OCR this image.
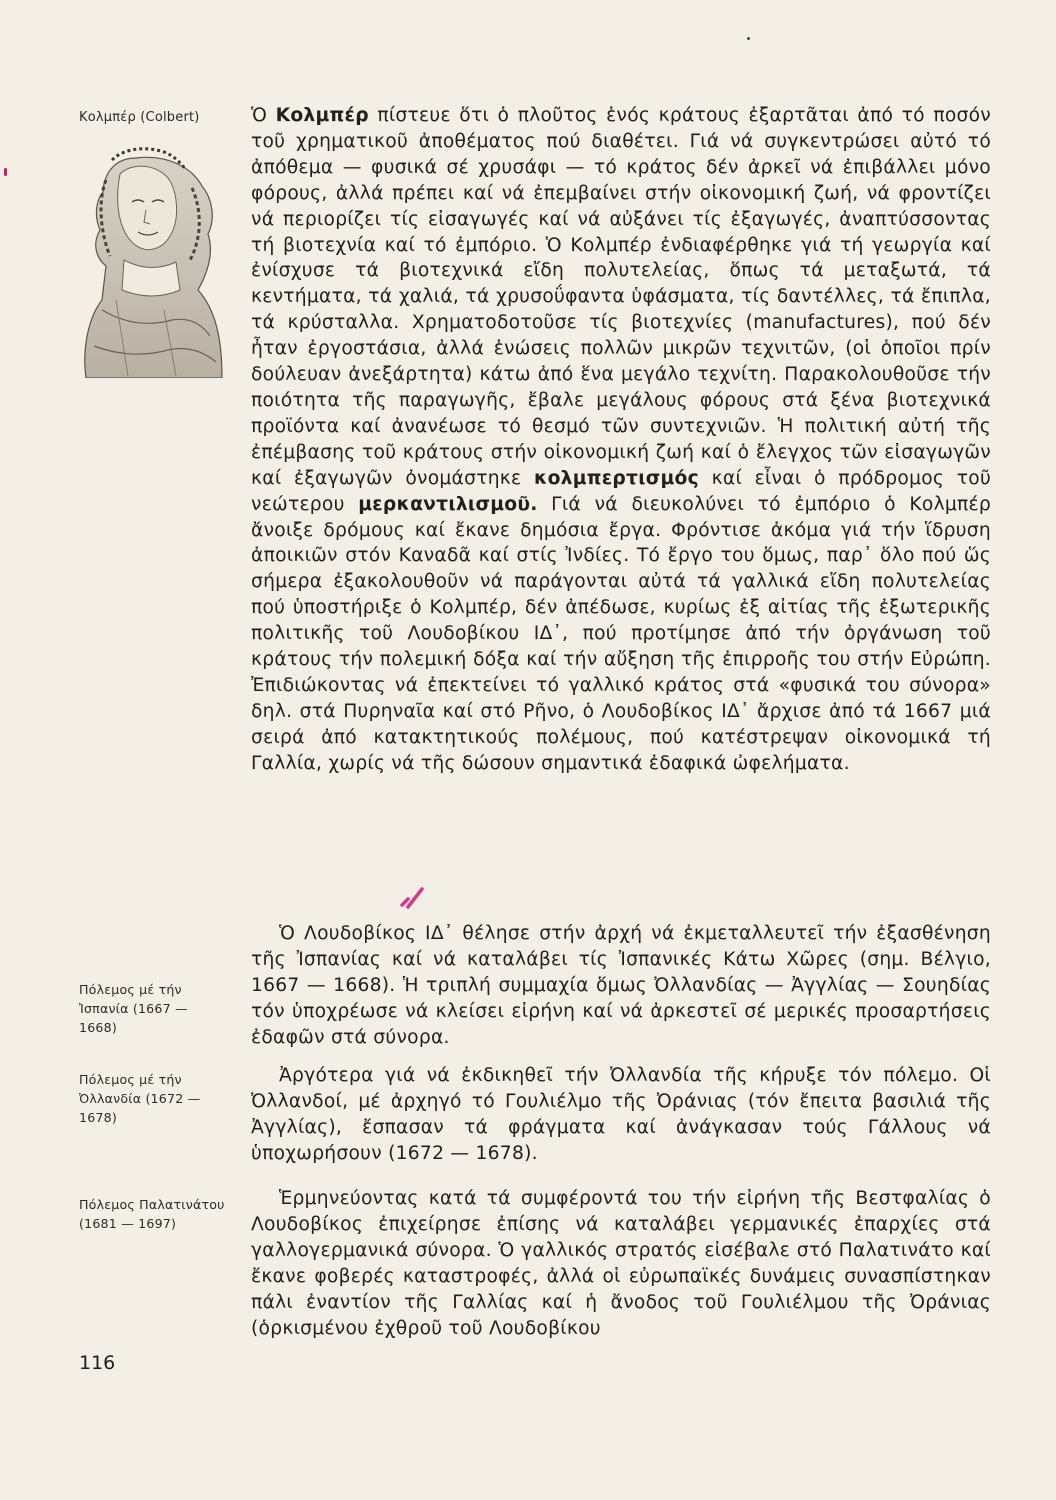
Κολμπέρ (Colbert)
Πόλεμος μέ τήν Ἰσπανία (1667 — 1668)
Πόλεμος μέ τήν Ὀλλανδία (1672 — 1678)
Πόλεμος Παλατινάτου (1681 — 1697)
116

Ὁ Κολμπέρ πίστευε ὅτι ὁ πλοῦτος ἑνός κράτους ἐξαρτᾶται ἀπό τό ποσόν τοῦ χρηματικοῦ ἀποθέματος πού διαθέτει. Γιά νά συγκεντρώσει αὐτό τό ἀπόθεμα — φυσικά σέ χρυσάφι — τό κράτος δέν ἀρκεῖ νά ἐπιβάλλει μόνο φόρους, ἀλλά πρέπει καί νά ἐπεμβαίνει στήν οἰκονομική ζωή, νά φροντίζει νά περιορίζει τίς εἰσαγωγές καί νά αὐξάνει τίς ἐξαγωγές, ἀναπτύσσοντας τή βιοτεχνία καί τό ἐμπόριο. Ὁ Κολμπέρ ἐνδιαφέρθηκε γιά τή γεωργία καί ἐνίσχυσε τά βιοτεχνικά εἴδη πολυτελείας, ὅπως τά μεταξωτά, τά κεντήματα, τά χαλιά, τά χρυσοΰφαντα ὑφάσματα, τίς δαντέλλες, τά ἔπιπλα, τά κρύσταλλα. Χρηματοδοτοῦσε τίς βιοτεχνίες (manufactures), πού δέν ἦταν ἐργοστάσια, ἀλλά ἑνώσεις πολλῶν μικρῶν τεχνιτῶν, (οἱ ὁποῖοι πρίν δούλευαν ἀνεξάρτητα) κάτω ἀπό ἕνα μεγάλο τεχνίτη. Παρακολουθοῦσε τήν ποιότητα τῆς παραγωγῆς, ἔβαλε μεγάλους φόρους στά ξένα βιοτεχνικά προϊόντα καί ἀνανέωσε τό θεσμό τῶν συντεχνιῶν. Ἡ πολιτική αὐτή τῆς ἐπέμβασης τοῦ κράτους στήν οἰκονομική ζωή καί ὁ ἔλεγχος τῶν εἰσαγωγῶν καί ἐξαγωγῶν ὀνομάστηκε κολμπερτισμός καί εἶναι ὁ πρόδρομος τοῦ νεώτερου μερκαντιλισμοῦ. Γιά νά διευκολύνει τό ἐμπόριο ὁ Κολμπέρ ἄνοιξε δρόμους καί ἔκανε δημόσια ἔργα. Φρόντισε ἀκόμα γιά τήν ἵδρυση ἀποικιῶν στόν Καναδᾶ καί στίς Ἰνδίες. Τό ἔργο του ὅμως, παρ᾽ ὅλο πού ὥς σήμερα ἐξακολουθοῦν νά παράγονται αὐτά τά γαλλικά εἴδη πολυτελείας πού ὑποστήριξε ὁ Κολμπέρ, δέν ἀπέδωσε, κυρίως ἐξ αἰτίας τῆς ἐξωτερικῆς πολιτικῆς τοῦ Λουδοβίκου ΙΔ᾽, πού προτίμησε ἀπό τήν ὀργάνωση τοῦ κράτους τήν πολεμική δόξα καί τήν αὔξηση τῆς ἐπιρροῆς του στήν Εὐρώπη. Ἐπιδιώκοντας νά ἐπεκτείνει τό γαλλικό κράτος στά «φυσικά του σύνορα» δηλ. στά Πυρηναῖα καί στό Ρῆνο, ὁ Λουδοβίκος ΙΔ᾽ ἄρχισε ἀπό τά 1667 μιά σειρά ἀπό κατακτητικούς πολέμους, πού κατέστρεψαν οἰκονομικά τή Γαλλία, χωρίς νά τῆς δώσουν σημαντικά ἐδαφικά ὠφελήματα.

Ὁ Λουδοβίκος ΙΔ᾽ θέλησε στήν ἀρχή νά ἐκμεταλλευτεῖ τήν ἐξασθένηση τῆς Ἰσπανίας καί νά καταλάβει τίς Ἰσπανικές Κάτω Χῶρες (σημ. Βέλγιο, 1667 — 1668). Ἡ τριπλή συμμαχία ὅμως Ὀλλανδίας — Ἀγγλίας — Σουηδίας τόν ὑποχρέωσε νά κλείσει εἰρήνη καί νά ἀρκεστεῖ σέ μερικές προσαρτήσεις ἐδαφῶν στά σύνορα.

Ἀργότερα γιά νά ἐκδικηθεῖ τήν Ὀλλανδία τῆς κήρυξε τόν πόλεμο. Οἱ Ὀλλανδοί, μέ ἀρχηγό τό Γουλιέλμο τῆς Ὀράνιας (τόν ἔπειτα βασιλιά τῆς Ἀγγλίας), ἔσπασαν τά φράγματα καί ἀνάγκασαν τούς Γάλλους νά ὑποχωρήσουν (1672 — 1678).

Ἑρμηνεύοντας κατά τά συμφέροντά του τήν εἰρήνη τῆς Βεστφαλίας ὁ Λουδοβίκος ἐπιχείρησε ἐπίσης νά καταλάβει γερμανικές ἐπαρχίες στά γαλλογερμανικά σύνορα. Ὁ γαλλικός στρατός εἰσέβαλε στό Παλατινάτο καί ἔκανε φοβερές καταστροφές, ἀλλά οἱ εὐρωπαϊκές δυνάμεις συνασπίστηκαν πάλι ἐναντίον τῆς Γαλλίας καί ἡ ἄνοδος τοῦ Γουλιέλμου τῆς Ὀράνιας (ὁρκισμένου ἐχθροῦ τοῦ Λουδοβίκου
